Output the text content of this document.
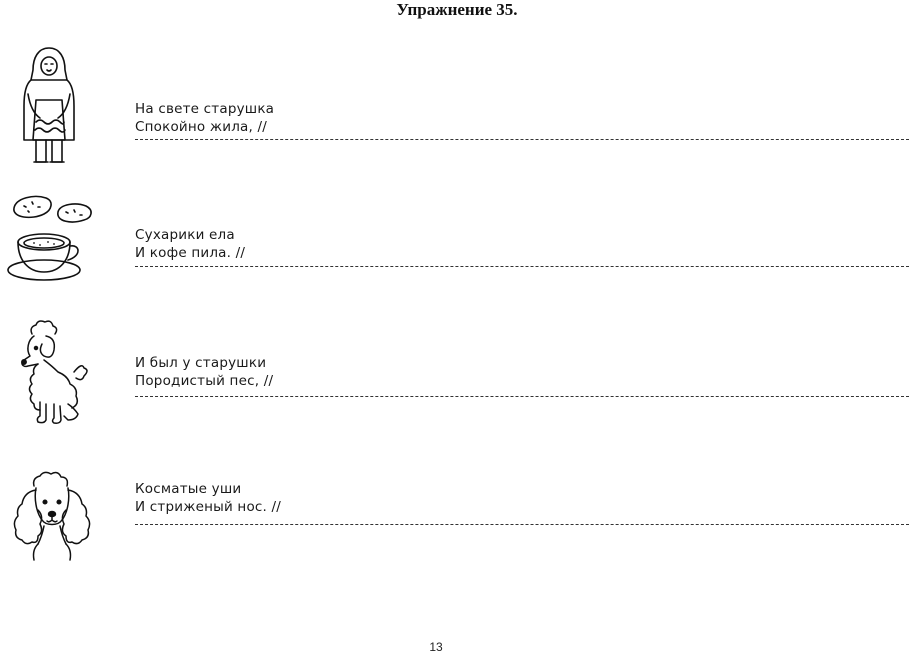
Упражнение 35.
На свете старушка
Спокойно жила, //
Сухарики ела
И кофе пила. //
И был у старушки
Породистый пес, //
Косматые уши
И стриженый нос. //
13
